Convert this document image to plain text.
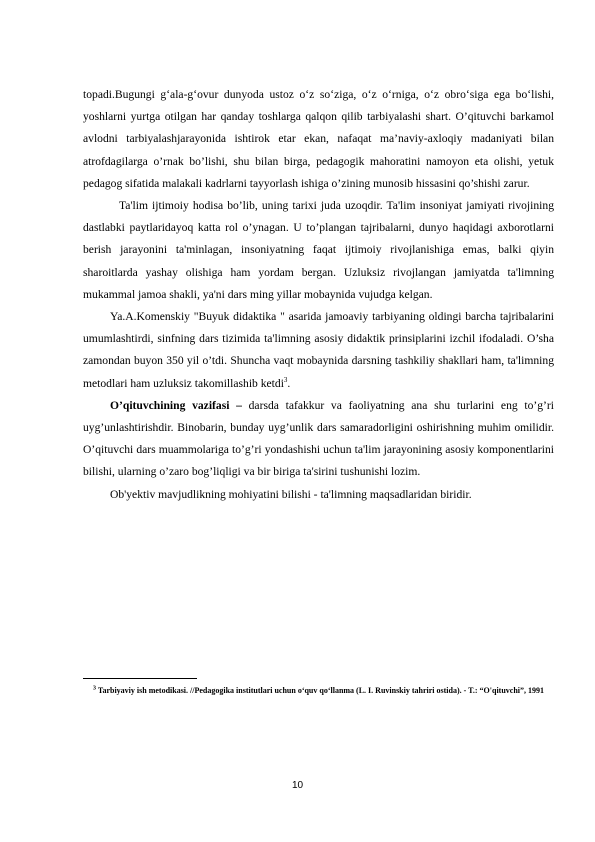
topadi.Bugungi g‘ala-g‘ovur dunyoda ustoz o‘z so‘ziga, o‘z o‘rniga, o‘z obro‘siga ega bo‘lishi, yoshlarni yurtga otilgan har qanday toshlarga qalqon qilib tarbiyalashi shart. O’qituvchi barkamol avlodni tarbiyalashjarayonida ishtirok etar ekan, nafaqat ma’naviy-axloqiy madaniyati bilan atrofdagilarga o’rnak bo’lishi, shu bilan birga, pedagogik mahoratini namoyon eta olishi, yetuk pedagog sifatida malakali kadrlarni tayyorlash ishiga o’zining munosib hissasini qo’shishi zarur.

Ta'lim ijtimoiy hodisa bo’lib, uning tarixi juda uzoqdir. Ta'lim insoniyat jamiyati rivojining dastlabki paytlaridayoq katta rol o’ynagan. U to’plangan tajribalarni, dunyo haqidagi axborotlarni berish jarayonini ta'minlagan, insoniyatning faqat ijtimoiy rivojlanishiga emas, balki qiyin sharoitlarda yashay olishiga ham yordam bergan. Uzluksiz rivojlangan jamiyatda ta'limning mukammal jamoa shakli, ya'ni dars ming yillar mobaynida vujudga kelgan.

Ya.A.Komenskiy "Buyuk didaktika " asarida jamoaviy tarbiyaning oldingi barcha tajribalarini umumlashtirdi, sinfning dars tizimida ta'limning asosiy didaktik prinsiplarini izchil ifodaladi. O’sha zamondan buyon 350 yil o’tdi. Shuncha vaqt mobaynida darsning tashkiliy shakllari ham, ta'limning metodlari ham uzluksiz takomillashib ketdi$^3$.

O’qituvchining vazifasi – darsda tafakkur va faoliyatning ana shu turlarini eng to’g’ri uyg’unlashtirishdir. Binobarin, bunday uyg’unlik dars samaradorligini oshirishning muhim omilidir. O’qituvchi dars muammolariga to’g’ri yondashishi uchun ta'lim jarayonining asosiy komponentlarini bilishi, ularning o’zaro bog’liqligi va bir biriga ta'sirini tushunishi lozim.

Ob'yektiv mavjudlikning mohiyatini bilishi - ta'limning maqsadlaridan biridir.

$^3$ Tarbiyaviy ish metodikasi. //Pedagogika institutlari uchun o‘quv qo‘llanma (L. I. Ruvinskiy tahriri ostida). - T.: “O'qituvchi”, 1991
10
